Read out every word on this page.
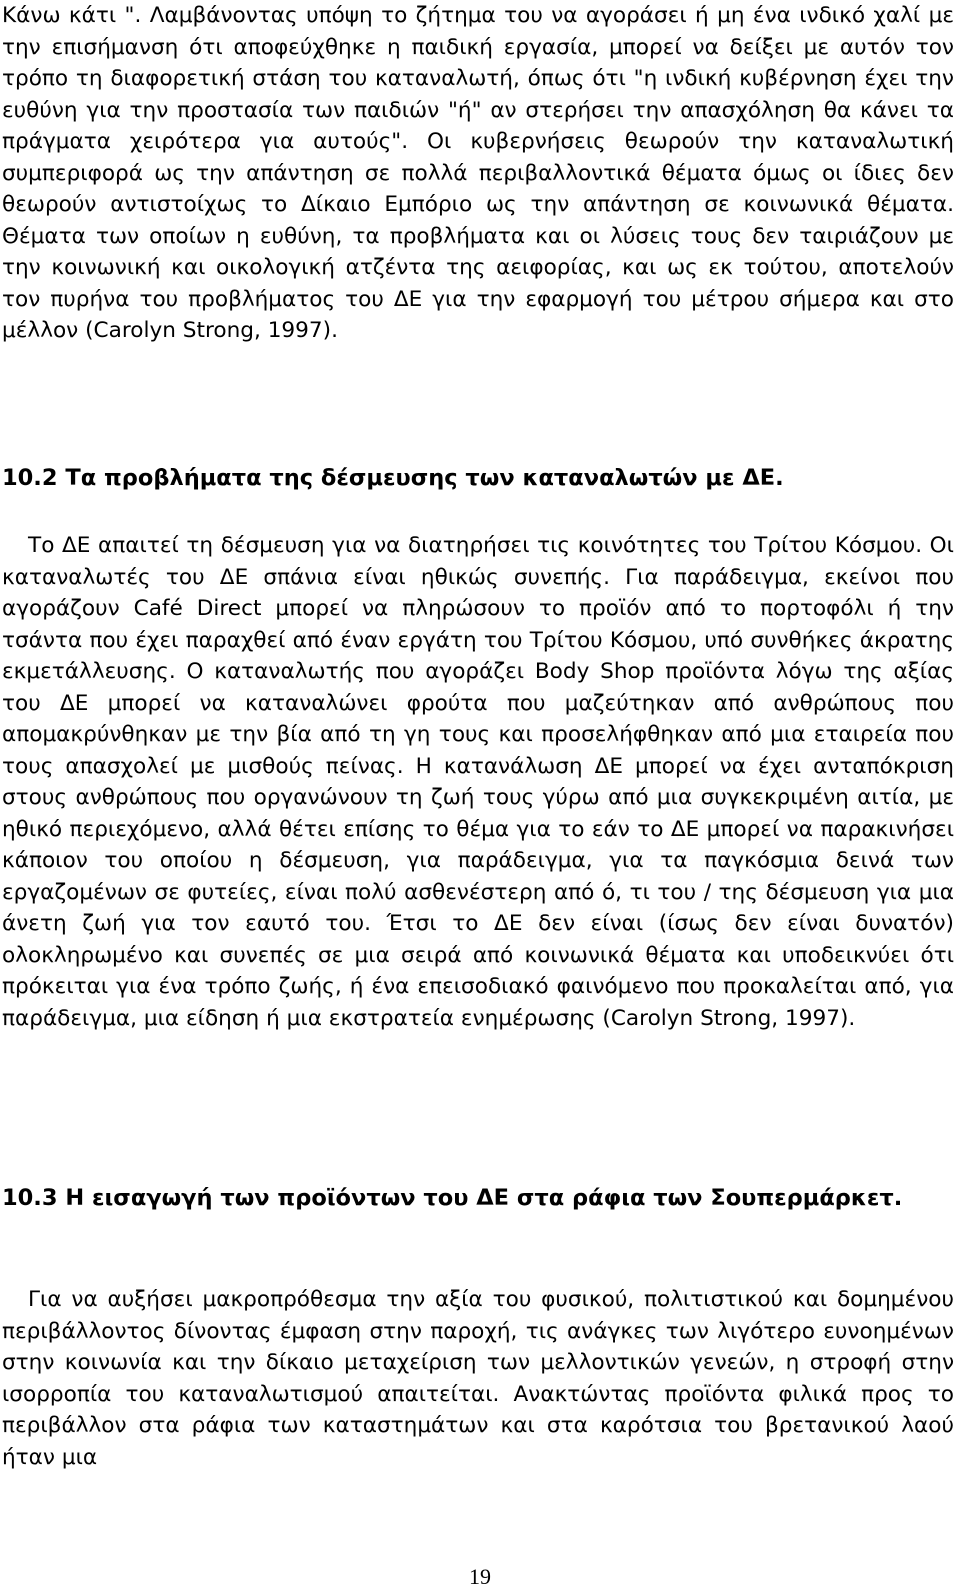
Κάνω κάτι ". Λαμβάνοντας υπόψη το ζήτημα του να αγοράσει ή μη ένα ινδικό χαλί με την επισήμανση ότι αποφεύχθηκε η παιδική εργασία, μπορεί να δείξει με αυτόν τον τρόπο τη διαφορετική στάση του καταναλωτή, όπως ότι "η ινδική κυβέρνηση έχει την ευθύνη για την προστασία των παιδιών "ή" αν στερήσει την απασχόληση θα κάνει τα πράγματα χειρότερα για αυτούς". Οι κυβερνήσεις θεωρούν την καταναλωτική συμπεριφορά ως την απάντηση σε πολλά περιβαλλοντικά θέματα όμως οι ίδιες δεν θεωρούν αντιστοίχως το Δίκαιο Εμπόριο ως την απάντηση σε κοινωνικά θέματα. Θέματα των οποίων η ευθύνη, τα προβλήματα και οι λύσεις τους δεν ταιριάζουν με την κοινωνική και οικολογική ατζέντα της αειφορίας, και ως εκ τούτου, αποτελούν τον πυρήνα του προβλήματος του ΔΕ για την εφαρμογή του μέτρου σήμερα και στο μέλλον (Carolyn Strong, 1997).

10.2 Τα προβλήματα της δέσμευσης των καταναλωτών με ΔΕ.

Το ΔΕ απαιτεί τη δέσμευση για να διατηρήσει τις κοινότητες του Τρίτου Κόσμου. Οι καταναλωτές του ΔΕ σπάνια είναι ηθικώς συνεπής. Για παράδειγμα, εκείνοι που αγοράζουν Café Direct μπορεί να πληρώσουν το προϊόν από το πορτοφόλι ή την τσάντα που έχει παραχθεί από έναν εργάτη του Τρίτου Κόσμου, υπό συνθήκες άκρατης εκμετάλλευσης. Ο καταναλωτής που αγοράζει Body Shop προϊόντα λόγω της αξίας του ΔΕ μπορεί να καταναλώνει φρούτα που μαζεύτηκαν από ανθρώπους που απομακρύνθηκαν με την βία από τη γη τους και προσελήφθηκαν από μια εταιρεία που τους απασχολεί με μισθούς πείνας. Η κατανάλωση ΔΕ μπορεί να έχει ανταπόκριση στους ανθρώπους που οργανώνουν τη ζωή τους γύρω από μια συγκεκριμένη αιτία, με ηθικό περιεχόμενο, αλλά θέτει επίσης το θέμα για το εάν το ΔΕ μπορεί να παρακινήσει κάποιον του οποίου η δέσμευση, για παράδειγμα, για τα παγκόσμια δεινά των εργαζομένων σε φυτείες, είναι πολύ ασθενέστερη από ό, τι του / της δέσμευση για μια άνετη ζωή για τον εαυτό του. Έτσι το ΔΕ δεν είναι (ίσως δεν είναι δυνατόν) ολοκληρωμένο και συνεπές σε μια σειρά από κοινωνικά θέματα και υποδεικνύει ότι πρόκειται για ένα τρόπο ζωής, ή ένα επεισοδιακό φαινόμενο που προκαλείται από, για παράδειγμα, μια είδηση ή μια εκστρατεία ενημέρωσης (Carolyn Strong, 1997).

10.3 Η εισαγωγή των προϊόντων του ΔΕ στα ράφια των Σουπερμάρκετ.

Για να αυξήσει μακροπρόθεσμα την αξία του φυσικού, πολιτιστικού και δομημένου περιβάλλοντος δίνοντας έμφαση στην παροχή, τις ανάγκες των λιγότερο ευνοημένων στην κοινωνία και την δίκαιο μεταχείριση των μελλοντικών γενεών, η στροφή στην ισορροπία του καταναλωτισμού απαιτείται. Ανακτώντας προϊόντα φιλικά προς το περιβάλλον στα ράφια των καταστημάτων και στα καρότσια του βρετανικού λαού ήταν μια

19
